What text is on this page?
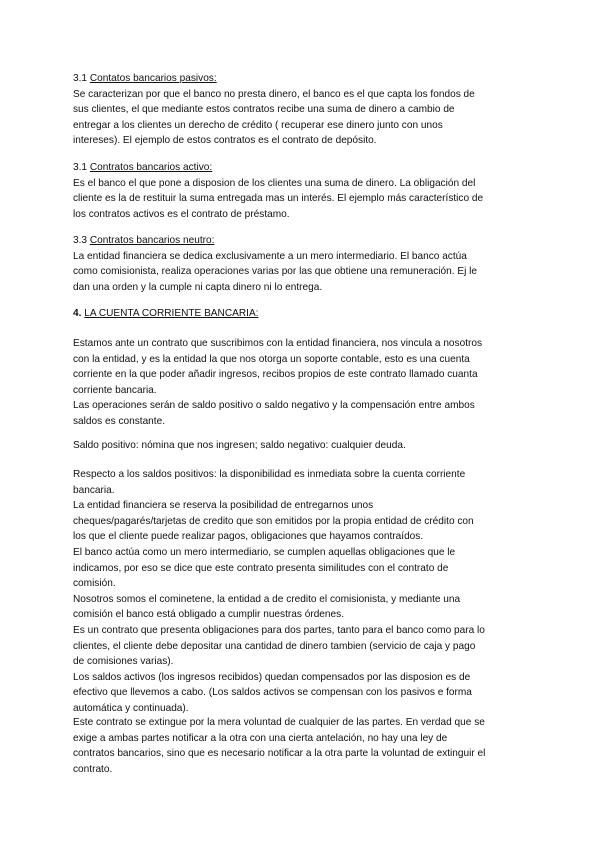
3.1 Contatos bancarios pasivos:
Se caracterizan por que el banco no presta dinero, el banco es el que capta los fondos de
sus clientes, el que mediante estos contratos recibe una suma de dinero a cambio de
entregar a los clientes un derecho de crédito ( recuperar ese dinero junto con unos
intereses). El ejemplo de estos contratos es el contrato de depósito.
3.1 Contratos bancarios activo:
Es el banco el que pone a disposion de los clientes una suma de dinero. La obligación del
cliente es la de restituir la suma entregada mas un interés. El ejemplo más característico de
los contratos activos es el contrato de préstamo.
3.3 Contratos bancarios neutro:
La entidad financiera se dedica exclusivamente a un mero intermediario. El banco actúa
como comisionista, realiza operaciones varias por las que obtiene una remuneración. Ej le
dan una orden y la cumple ni capta dinero ni lo entrega.
4. LA CUENTA CORRIENTE BANCARIA:
Estamos ante un contrato que suscribimos con la entidad financiera, nos vincula a nosotros
con la entidad, y es la entidad la que nos otorga un soporte contable, esto es una cuenta
corriente en la que poder añadir ingresos, recibos propios de este contrato llamado cuanta
corriente bancaria.
Las operaciones serán de saldo positivo o saldo negativo y la compensación entre ambos
saldos es constante.
Saldo positivo: nómina que nos ingresen; saldo negativo: cualquier deuda.
Respecto a los saldos positivos: la disponibilidad es inmediata sobre la cuenta corriente
bancaria.
La entidad financiera se reserva la posibilidad de entregarnos unos
cheques/pagarés/tarjetas de credito que son emitidos por la propia entidad de crédito con
los que el cliente puede realizar pagos, obligaciones que hayamos contraídos.
El banco actúa como un mero intermediario, se cumplen aquellas obligaciones que le
indicamos, por eso se dice que este contrato presenta similitudes con el contrato de
comisión.
Nosotros somos el cominetene, la entidad a de credito el comisionista, y mediante una
comisión el banco está obligado a cumplir nuestras órdenes.
Es un contrato que presenta obligaciones para dos partes, tanto para el banco como para lo
clientes, el cliente debe depositar una cantidad de dinero tambien (servicio de caja y pago
de comisiones varias).
Los saldos activos (los ingresos recibidos) quedan compensados por las disposion es de
efectivo que llevemos a cabo. (Los saldos activos se compensan con los pasivos e forma
automática y continuada).
Este contrato se extingue por la mera voluntad de cualquier de las partes. En verdad que se
exige a ambas partes notificar a la otra con una cierta antelación, no hay una ley de
contratos bancarios, sino que es necesario notificar a la otra parte la voluntad de extinguir el
contrato.
